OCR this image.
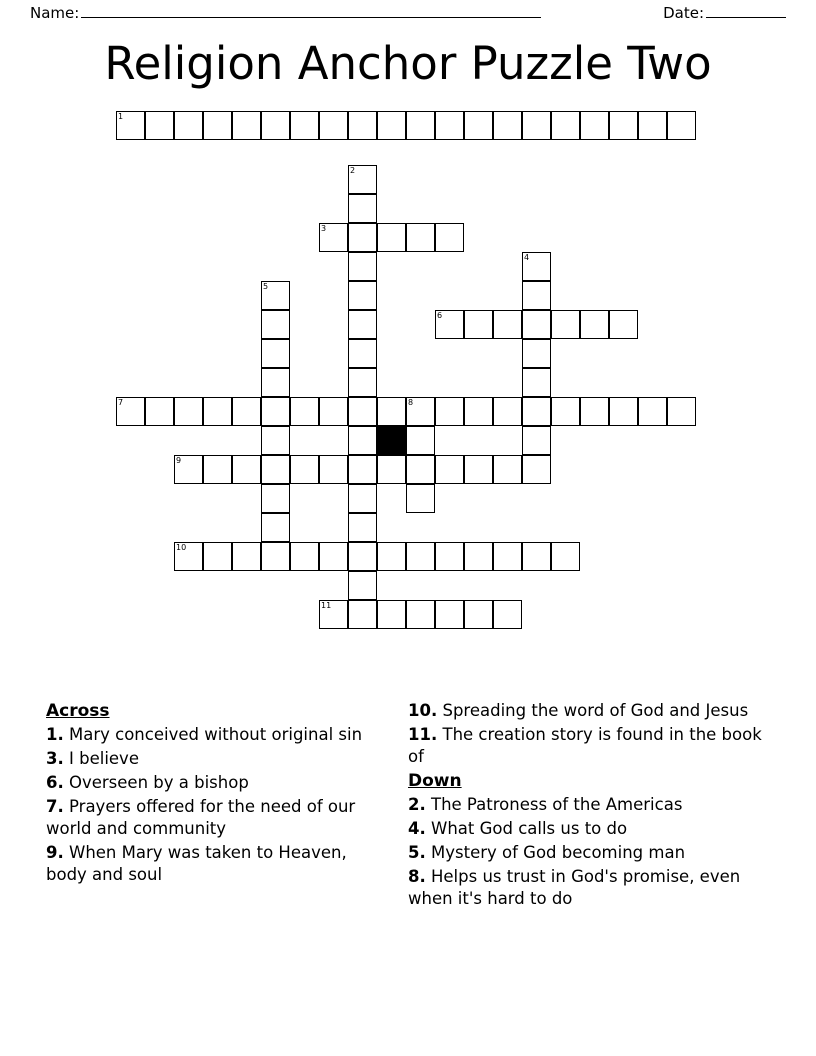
Name:	Date:
Religion Anchor Puzzle Two
1
2
3
4
5
6
7	8
9
10
11
Across
1. Mary conceived without original sin
3. I believe
6. Overseen by a bishop
7. Prayers offered for the need of our world and community
9. When Mary was taken to Heaven, body and soul
10. Spreading the word of God and Jesus
11. The creation story is found in the book of
Down
2. The Patroness of the Americas
4. What God calls us to do
5. Mystery of God becoming man
8. Helps us trust in God's promise, even when it's hard to do
